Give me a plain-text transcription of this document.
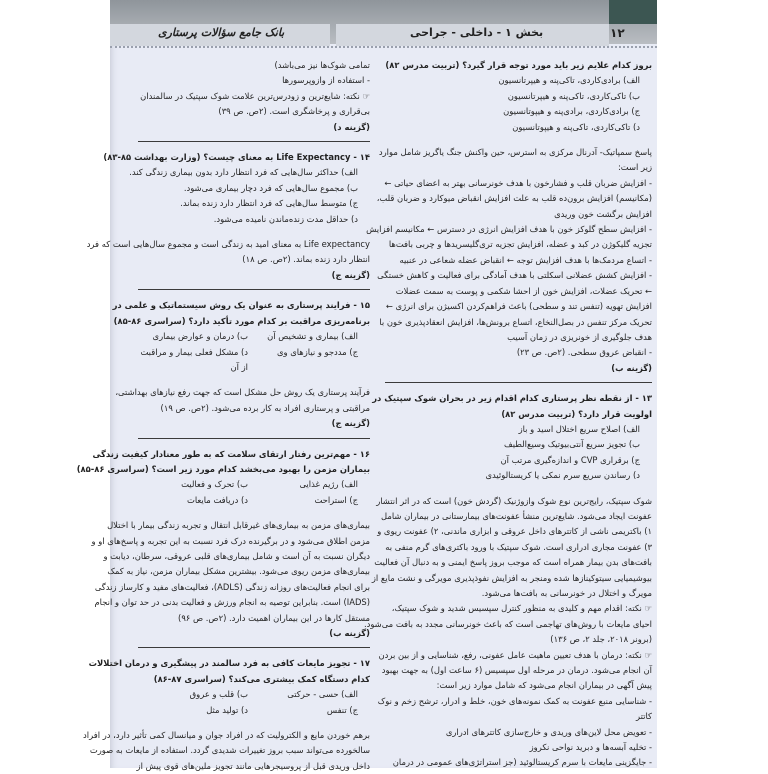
بانک جامع سؤالات پرستاری	بخش ۱ - داخلی - جراحی	۱۲
بروز کدام علایم زیر باید مورد توجه قرار گیرد؟ (تربیت مدرس ۸۲)
الف) برادی‌کاردی، تاکی‌پنه و هیپرتانسیون
ب) تاکی‌کاردی، تاکی‌پنه و هیپرتانسیون
ج) برادی‌کاردی، برادی‌پنه و هیپوتانسیون
د) تاکی‌کاردی، تاکی‌پنه و هیپوتانسیون
پاسخ سمپاتیک- آدرنال مرکزی به استرس، حین واکنش جنگ یاگریز شامل موارد
زیر است:
- افزایش ضربان قلب و فشارخون با هدف خونرسانی بهتر به اعضای حیاتی ←
(مکانیسم) افزایش برون‌ده قلب به علت افزایش انقباض میوکارد و ضربان قلب،
افزایش برگشت خون وریدی
- افزایش سطح گلوکز خون با هدف افزایش انرژی در دسترس ← مکانیسم افزایش
تجزیه گلیکوژن در کبد و عضله، افزایش تجزیه تری‌گلیسریدها و چربی بافت‌ها
- اتساع مردمک‌ها با هدف افزایش توجه ← انقباض عضله شعاعی در عنبیه
- افزایش کشش عضلانی اسکلتی با هدف آمادگی برای فعالیت و کاهش خستگی
← تحریک عضلات، افزایش خون از احشا شکمی و پوست به سمت عضلات
افزایش تهویه (تنفس تند و سطحی) باعث فراهم‌کردن اکسیژن برای انرژی ←
تحریک مرکز تنفس در بصل‌النخاع، اتساع برونش‌ها، افزایش انعقادپذیری خون با
هدف جلوگیری از خونریزی در زمان آسیب
- انقباض عروق سطحی. (۲ص. ص ۲۳)
(گزینه ب)
۱۳ - از نقطه نظر پرستاری کدام اقدام زیر در بحران شوک سپتیک در
اولویت قرار دارد؟ (تربیت مدرس ۸۲)
الف) اصلاح سریع اختلال اسید و باز
ب) تجویز سریع آنتی‌بیوتیک وسیع‌الطیف
ج) برقراری CVP و اندازه‌گیری مرتب آن
د) رساندن سریع سرم نمکی یا کریستالوئیدی
شوک سپتیک، رایج‌ترین نوع شوک وازوژنیک (گردش خون) است که در اثر انتشار
عفونت ایجاد می‌شود. شایع‌ترین منشأ عفونت‌های بیمارستانی در بیماران شامل
۱) باکتریمی ناشی از کاتترهای داخل عروقی و ابزاری ماندنی، ۲) عفونت ریوی و
۳) عفونت مجاری ادراری است. شوک سپتیک با ورود باکتری‌های گرم منفی به
بافت‌های بدن بیمار همراه است که موجب بروز پاسخ ایمنی و به دنبال آن فعالیت
بیوشیمیایی سیتوکینازها شده ومنجر به افزایش نفوذپذیری مویرگی و نشت مایع از
مویرگ و اختلال در خونرسانی به بافت‌ها می‌شود.
☞ نکته: اقدام مهم و کلیدی به منظور کنترل سپسیس شدید و شوک سپتیک،
احیای مایعات با روش‌های تهاجمی است که باعث خونرسانی مجدد به بافت می‌شود.
(برونر ۲۰۱۸، جلد ۲، ص ۱۳۶)
☞ نکته: درمان با هدف تعیین ماهیت عامل عفونی، رفع، شناسایی و از بین بردن
آن انجام می‌شود. درمان در مرحله اول سپسیس (۶ ساعت اول) به جهت بهبود
پیش آگهی در بیماران انجام می‌شود که شامل موارد زیر است:
- شناسایی منبع عفونت به کمک نمونه‌های خون، خلط و ادرار، ترشح زخم و نوک
کاتتر
- تعویض محل لاین‌های وریدی و خارج‌سازی کاتترهای ادراری
- تخلیه آبسه‌ها و دبرید نواحی نکروز
- جایگزینی مایعات با سرم کریستالوئید (جز استراتژی‌های عمومی در درمان
تمامی شوک‌ها نیز می‌باشد)
- استفاده از وازوپرسورها
☞ نکته: شایع‌ترین و زودرس‌ترین علامت شوک سپتیک در سالمندان
بی‌قراری و پرخاشگری است. (۲ص. ص ۳۹)
(گزینه د)
۱۴ - Life Expectancy به معنای چیست؟ (وزارت بهداشت ۸۵-۸۳)
الف) حداکثر سال‌هایی که فرد انتظار دارد بدون بیماری زندگی کند.
ب) مجموع سال‌هایی که فرد دچار بیماری می‌شود.
ج) متوسط سال‌هایی که فرد انتظار دارد زنده بماند.
د) حداقل مدت زنده‌ماندن نامیده می‌شود.
Life expectancy به معنای امید به زندگی است و مجموع سال‌هایی است که فرد
انتظار دارد زنده بماند. (۲ص. ص ۱۸)
(گزینه ج)
۱۵ - فرایند پرستاری به عنوان یک روش سیستماتیک و علمی در
برنامه‌ریزی مراقبت بر کدام مورد تأکید دارد؟ (سراسری ۸۶-۸۵)
الف) بیماری و تشخیص آن
ب) درمان و عوارض بیماری
ج) مددجو و نیازهای وی
د) مشکل فعلی بیمار و مراقبت از آن
فرآیند پرستاری یک روش حل مشکل است که جهت رفع نیازهای بهداشتی،
مراقبتی و پرستاری افراد به کار برده می‌شود. (۲ص. ص ۱۹)
(گزینه ج)
۱۶ - مهم‌ترین رفتار ارتقای سلامت که به طور معنادار کیفیت زندگی
بیماران مزمن را بهبود می‌بخشد کدام مورد زیر است؟ (سراسری ۸۶-۸۵)
الف) رژیم غذایی
ب) تحرک و فعالیت
ج) استراحت
د) دریافت مایعات
بیماری‌های مزمن به بیماری‌های غیرقابل انتقال و تجربه زندگی بیمار با اختلال
مزمن اطلاق می‌شود و در برگیرنده درک فرد نسبت به این تجربه و پاسخ‌های او و
دیگران نسبت به آن است و شامل بیماری‌های قلبی عروقی، سرطان، دیابت و
بیماری‌های مزمن ریوی می‌شود. بیشترین مشکل بیماران مزمن، نیاز به کمک
برای انجام فعالیت‌های روزانه زندگی (ADLS)، فعالیت‌های مفید و کارساز زندگی
(IADS) است. بنابراین توصیه به انجام ورزش و فعالیت بدنی در حد توان و انجام
مستقل کارها در این بیماران اهمیت دارد. (۲ص. ص ۹۶)
(گزینه ب)
۱۷ - تجویز مایعات کافی به فرد سالمند در پیشگیری و درمان اختلالات
کدام دستگاه کمک بیشتری می‌کند؟ (سراسری ۸۷-۸۶)
الف) حسی - حرکتی
ب) قلب و عروق
ج) تنفس
د) تولید مثل
برهم خوردن مایع و الکترولیت که در افراد جوان و میانسال کمی تأثیر دارد، در افراد
سالخورده می‌تواند سبب بروز تغییرات شدیدی گردد. استفاده از مایعات به صورت
داخل وریدی قبل از پروسیجرهایی مانند تجویز ملین‌های قوی پیش از
